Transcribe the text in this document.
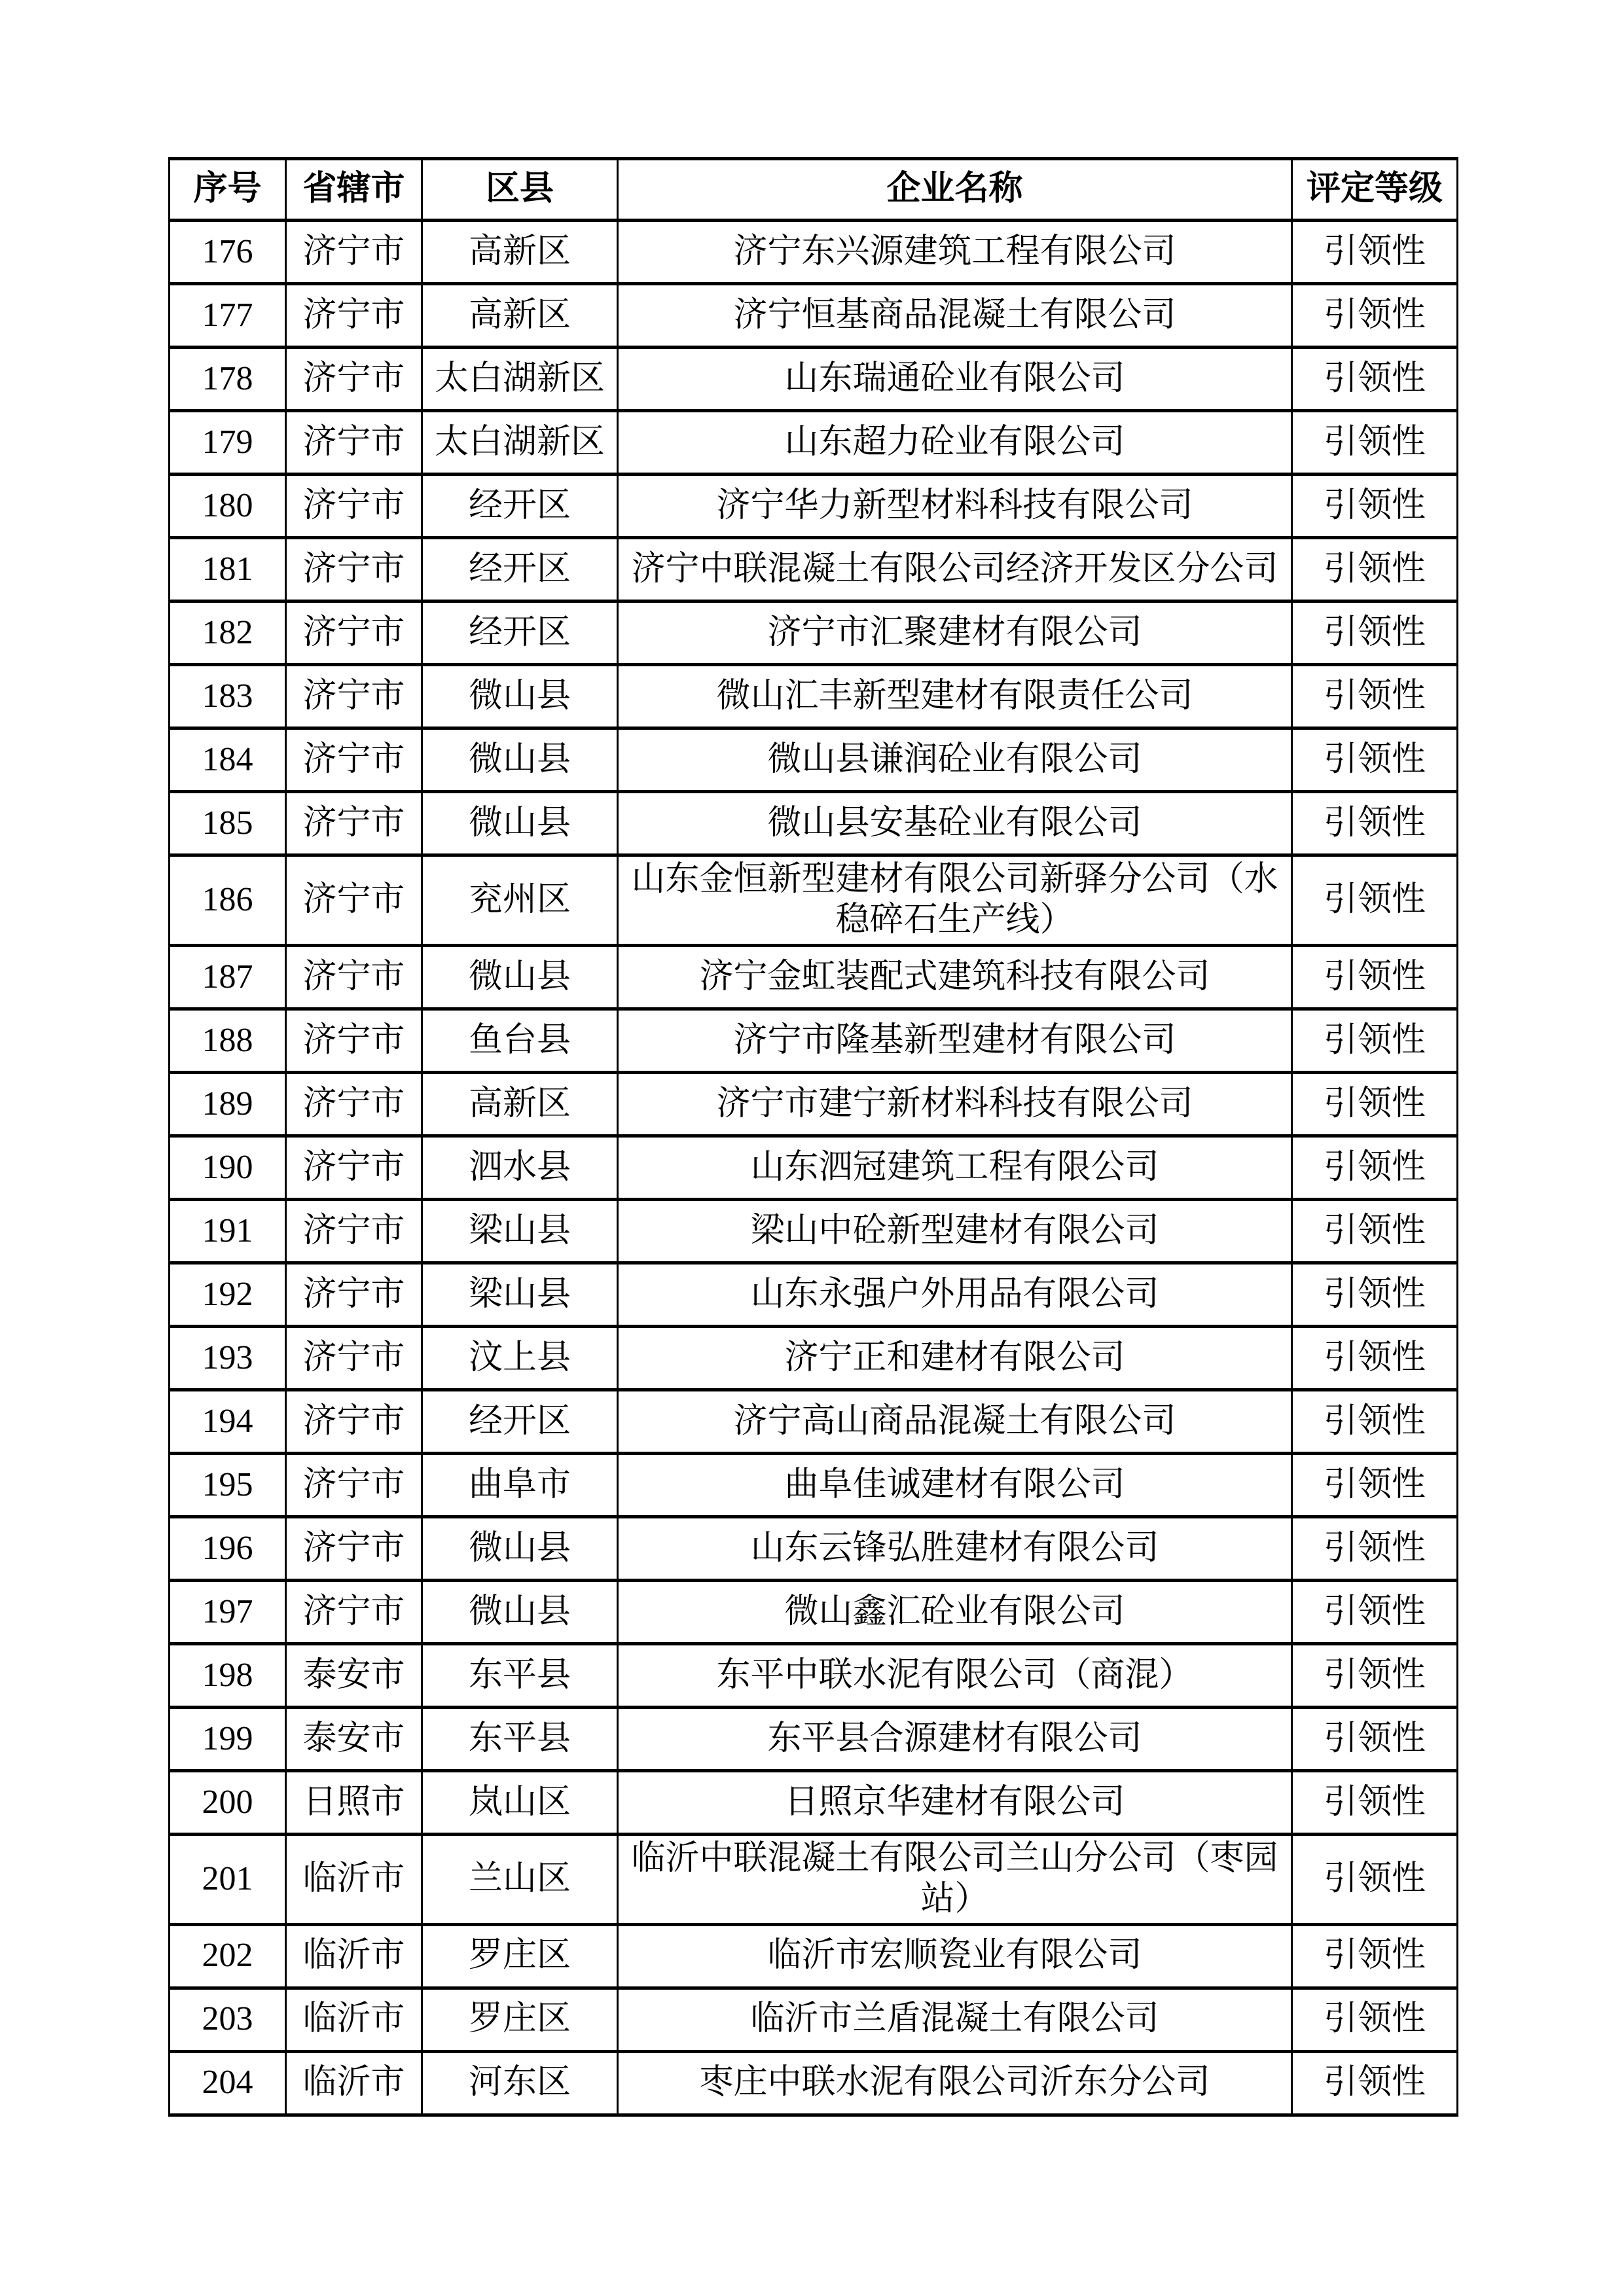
序号	省辖市	区县	企业名称	评定等级
176	济宁市	高新区	济宁东兴源建筑工程有限公司	引领性
177	济宁市	高新区	济宁恒基商品混凝土有限公司	引领性
178	济宁市	太白湖新区	山东瑞通砼业有限公司	引领性
179	济宁市	太白湖新区	山东超力砼业有限公司	引领性
180	济宁市	经开区	济宁华力新型材料科技有限公司	引领性
181	济宁市	经开区	济宁中联混凝土有限公司经济开发区分公司	引领性
182	济宁市	经开区	济宁市汇聚建材有限公司	引领性
183	济宁市	微山县	微山汇丰新型建材有限责任公司	引领性
184	济宁市	微山县	微山县谦润砼业有限公司	引领性
185	济宁市	微山县	微山县安基砼业有限公司	引领性
186	济宁市	兖州区	山东金恒新型建材有限公司新驿分公司（水稳碎石生产线）	引领性
187	济宁市	微山县	济宁金虹装配式建筑科技有限公司	引领性
188	济宁市	鱼台县	济宁市隆基新型建材有限公司	引领性
189	济宁市	高新区	济宁市建宁新材料科技有限公司	引领性
190	济宁市	泗水县	山东泗冠建筑工程有限公司	引领性
191	济宁市	梁山县	梁山中砼新型建材有限公司	引领性
192	济宁市	梁山县	山东永强户外用品有限公司	引领性
193	济宁市	汶上县	济宁正和建材有限公司	引领性
194	济宁市	经开区	济宁高山商品混凝土有限公司	引领性
195	济宁市	曲阜市	曲阜佳诚建材有限公司	引领性
196	济宁市	微山县	山东云锋弘胜建材有限公司	引领性
197	济宁市	微山县	微山鑫汇砼业有限公司	引领性
198	泰安市	东平县	东平中联水泥有限公司（商混）	引领性
199	泰安市	东平县	东平县合源建材有限公司	引领性
200	日照市	岚山区	日照京华建材有限公司	引领性
201	临沂市	兰山区	临沂中联混凝土有限公司兰山分公司（枣园站）	引领性
202	临沂市	罗庄区	临沂市宏顺瓷业有限公司	引领性
203	临沂市	罗庄区	临沂市兰盾混凝土有限公司	引领性
204	临沂市	河东区	枣庄中联水泥有限公司沂东分公司	引领性
